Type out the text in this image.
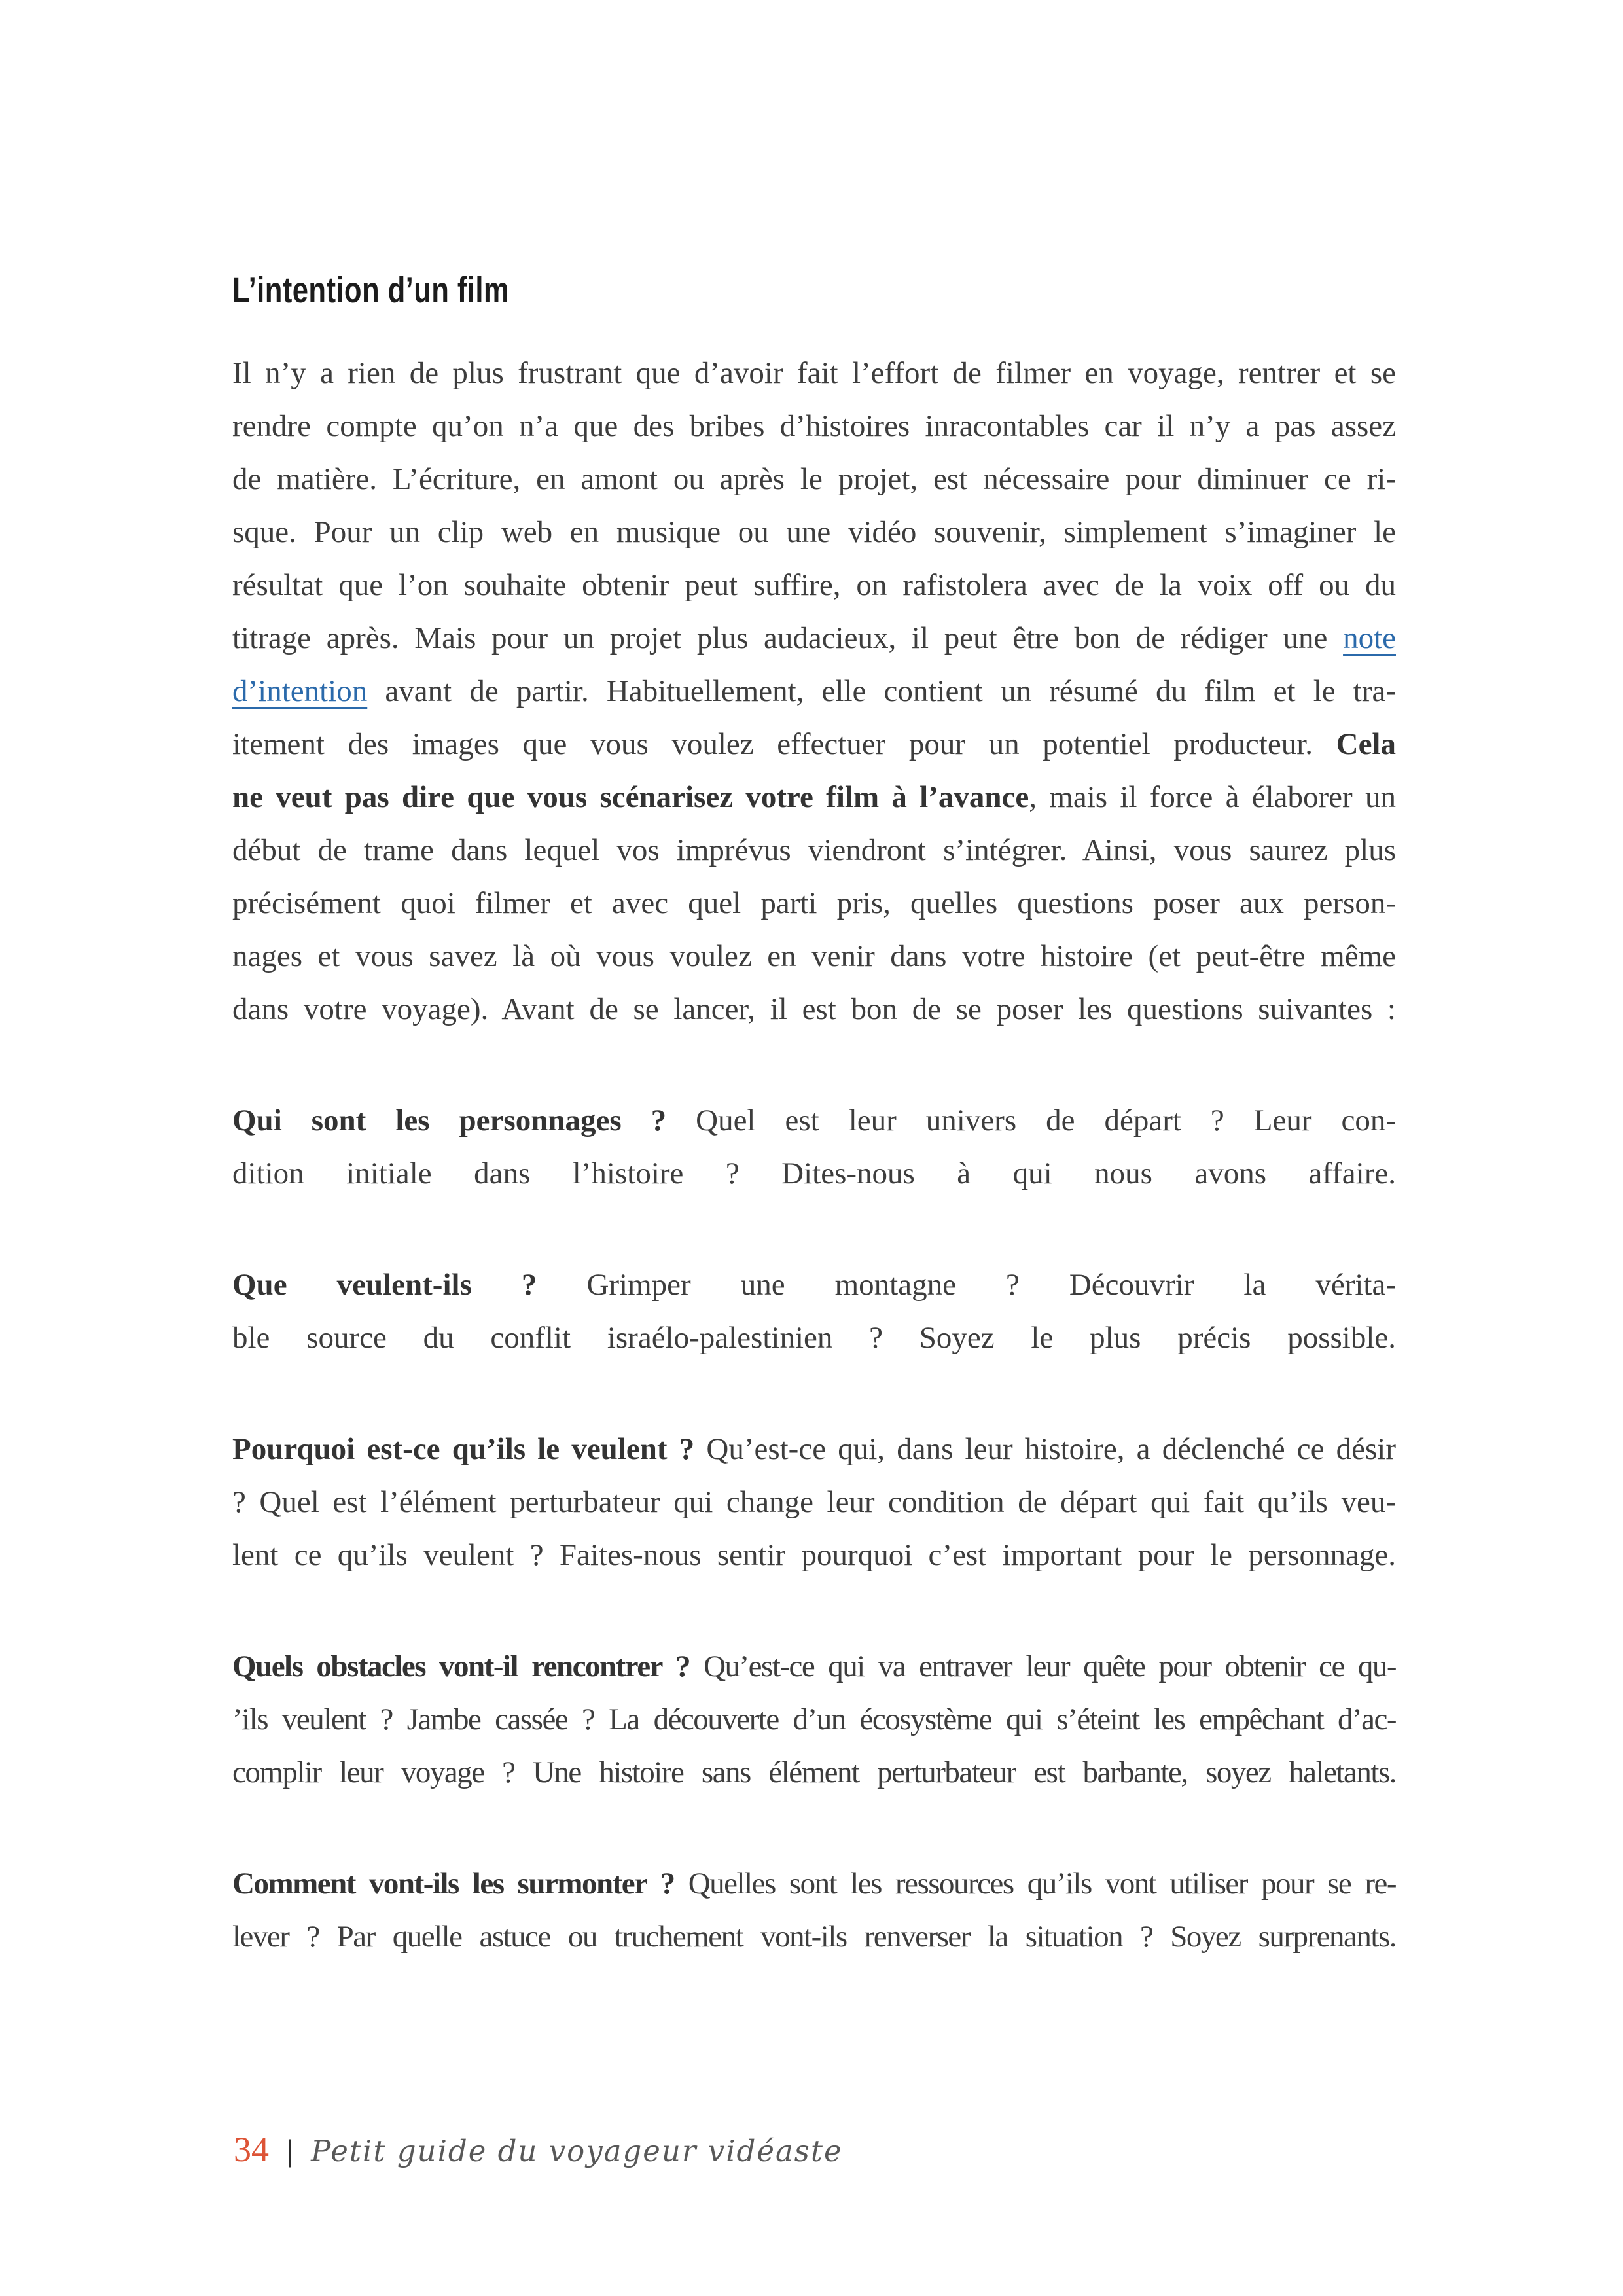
L’intention d’un film
Il n’y a rien de plus frustrant que d’avoir fait l’effort de filmer en voyage, rentrer et se
rendre compte qu’on n’a que des bribes d’histoires inracontables car il n’y a pas assez
de matière. L’écriture, en amont ou après le projet, est nécessaire pour diminuer ce ri-
sque. Pour un clip web en musique ou une vidéo souvenir, simplement s’imaginer le
résultat que l’on souhaite obtenir peut suffire, on rafistolera avec de la voix off ou du
titrage après. Mais pour un projet plus audacieux, il peut être bon de rédiger une note
d’intention avant de partir. Habituellement, elle contient un résumé du film et le tra-
itement des images que vous voulez effectuer pour un potentiel producteur. Cela
ne veut pas dire que vous scénarisez votre film à l’avance, mais il force à élaborer un
début de trame dans lequel vos imprévus viendront s’intégrer. Ainsi, vous saurez plus
précisément quoi filmer et avec quel parti pris, quelles questions poser aux person-
nages et vous savez là où vous voulez en venir dans votre histoire (et peut-être même
dans votre voyage). Avant de se lancer, il est bon de se poser les questions suivantes :
Qui sont les personnages ? Quel est leur univers de départ ? Leur con-
dition initiale dans l’histoire ? Dites-nous à qui nous avons affaire.
Que veulent-ils ? Grimper une montagne ? Découvrir la vérita-
ble source du conflit israélo-palestinien ? Soyez le plus précis possible.
Pourquoi est-ce qu’ils le veulent ? Qu’est-ce qui, dans leur histoire, a déclenché ce désir
? Quel est l’élément perturbateur qui change leur condition de départ qui fait qu’ils veu-
lent ce qu’ils veulent ? Faites-nous sentir pourquoi c’est important pour le personnage.
Quels obstacles vont-il rencontrer ? Qu’est-ce qui va entraver leur quête pour obtenir ce qu-
’ils veulent ? Jambe cassée ? La découverte d’un écosystème qui s’éteint les empêchant d’ac-
complir leur voyage ? Une histoire sans élément perturbateur est barbante, soyez haletants.
Comment vont-ils les surmonter ? Quelles sont les ressources qu’ils vont utiliser pour se re-
lever ? Par quelle astuce ou truchement vont-ils renverser la situation ? Soyez surprenants.
34 | Petit guide du voyageur vidéaste
